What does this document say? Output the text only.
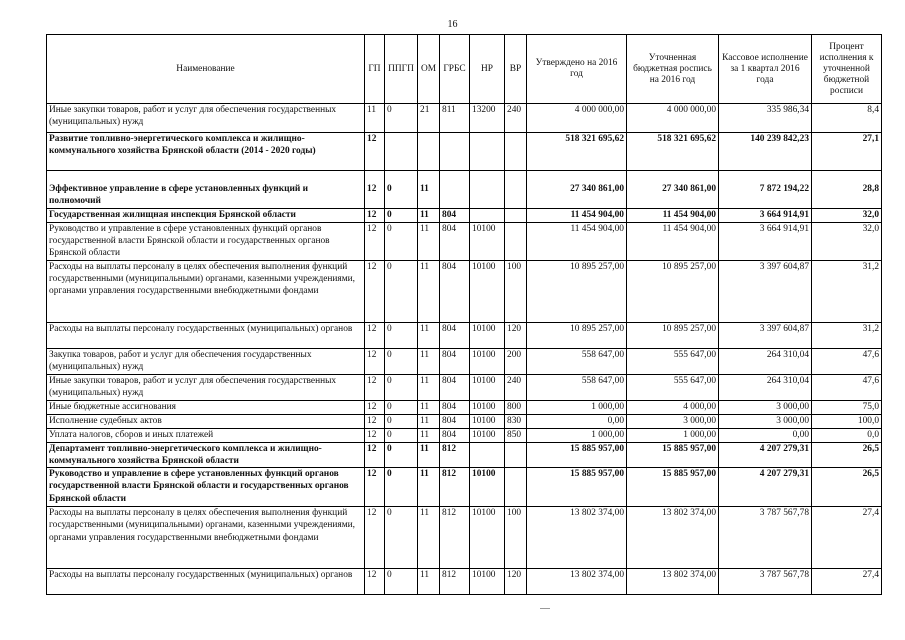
16
Наименование	ГП	ППГП	ОМ	ГРБС	НР	ВР	Утверждено на 2016 год	Уточненная бюджетная роспись на 2016 год	Кассовое исполнение за 1 квартал 2016 года	Процент исполнения к уточненной бюджетной росписи
Иные закупки товаров, работ и услуг для обеспечения государственных (муниципальных) нужд	11	0	21	811	13200	240	4 000 000,00	4 000 000,00	335 986,34	8,4
Развитие топливно-энергетического комплекса и жилищно-коммунального хозяйства Брянской области (2014 - 2020 годы)	12						518 321 695,62	518 321 695,62	140 239 842,23	27,1
Эффективное управление в сфере установленных функций и полномочий	12	0	11				27 340 861,00	27 340 861,00	7 872 194,22	28,8
Государственная жилищная инспекция Брянской области	12	0	11	804			11 454 904,00	11 454 904,00	3 664 914,91	32,0
Руководство и управление в сфере установленных функций органов государственной власти Брянской области и государственных органов Брянской области	12	0	11	804	10100		11 454 904,00	11 454 904,00	3 664 914,91	32,0
Расходы на выплаты персоналу в целях обеспечения выполнения функций государственными (муниципальными) органами, казенными учреждениями, органами управления государственными внебюджетными фондами	12	0	11	804	10100	100	10 895 257,00	10 895 257,00	3 397 604,87	31,2
Расходы на выплаты персоналу государственных (муниципальных) органов	12	0	11	804	10100	120	10 895 257,00	10 895 257,00	3 397 604,87	31,2
Закупка товаров, работ и услуг для обеспечения государственных (муниципальных) нужд	12	0	11	804	10100	200	558 647,00	555 647,00	264 310,04	47,6
Иные закупки товаров, работ и услуг для обеспечения государственных (муниципальных) нужд	12	0	11	804	10100	240	558 647,00	555 647,00	264 310,04	47,6
Иные бюджетные ассигнования	12	0	11	804	10100	800	1 000,00	4 000,00	3 000,00	75,0
Исполнение судебных актов	12	0	11	804	10100	830	0,00	3 000,00	3 000,00	100,0
Уплата налогов, сборов и иных платежей	12	0	11	804	10100	850	1 000,00	1 000,00	0,00	0,0
Департамент топливно-энергетического комплекса и жилищно-коммунального хозяйства Брянской области	12	0	11	812			15 885 957,00	15 885 957,00	4 207 279,31	26,5
Руководство и управление в сфере установленных функций органов государственной власти Брянской области и государственных органов Брянской области	12	0	11	812	10100		15 885 957,00	15 885 957,00	4 207 279,31	26,5
Расходы на выплаты персоналу в целях обеспечения выполнения функций государственными (муниципальными) органами, казенными учреждениями, органами управления государственными внебюджетными фондами	12	0	11	812	10100	100	13 802 374,00	13 802 374,00	3 787 567,78	27,4
Расходы на выплаты персоналу государственных (муниципальных) органов	12	0	11	812	10100	120	13 802 374,00	13 802 374,00	3 787 567,78	27,4
